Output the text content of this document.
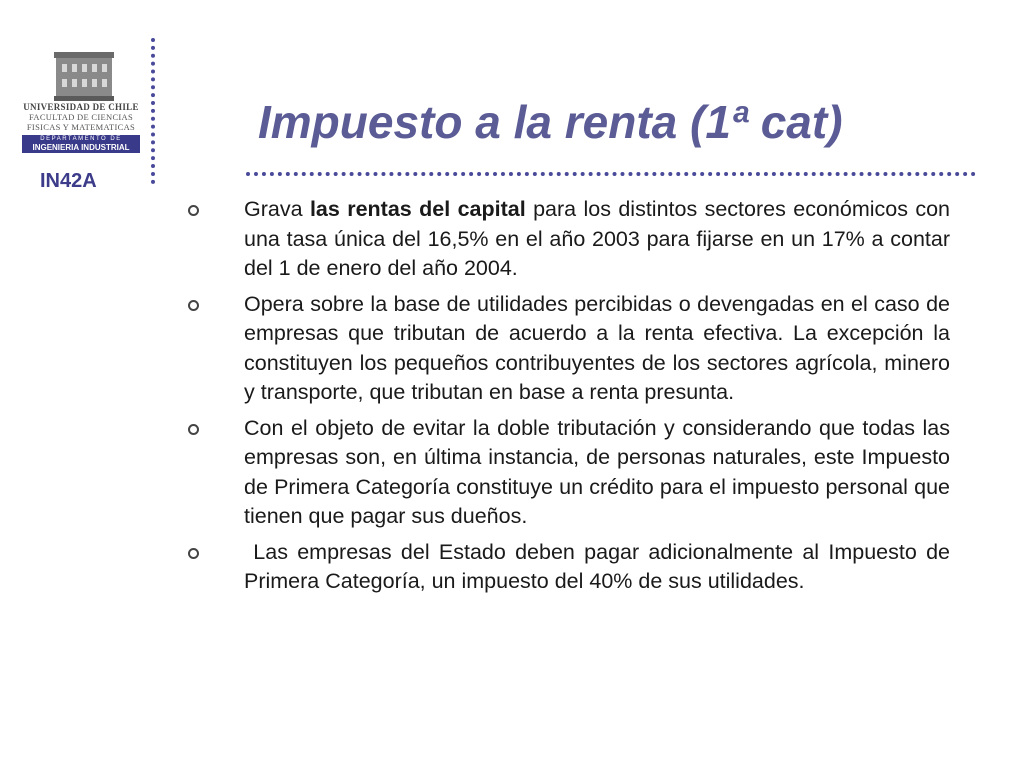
UNIVERSIDAD DE CHILE
FACULTAD DE CIENCIAS
FISICAS Y MATEMATICAS
DEPARTAMENTO DE
INGENIERIA INDUSTRIAL
IN42A
Impuesto a la renta (1ª cat)
Grava las rentas del capital para los distintos sectores económicos con una tasa única del 16,5% en el año 2003 para fijarse en un 17% a contar del 1 de enero del año 2004.
Opera sobre la base de utilidades percibidas o devengadas en el caso de empresas que tributan de acuerdo a la renta efectiva. La excepción la constituyen los pequeños contribuyentes de los sectores agrícola, minero y transporte, que tributan en base a renta presunta.
Con el objeto de evitar la doble tributación y considerando que todas las empresas son, en última instancia, de personas naturales, este Impuesto de Primera Categoría constituye un crédito para el impuesto personal que tienen que pagar sus dueños.
Las empresas del Estado deben pagar adicionalmente al Impuesto de Primera Categoría, un impuesto del 40% de sus utilidades.
